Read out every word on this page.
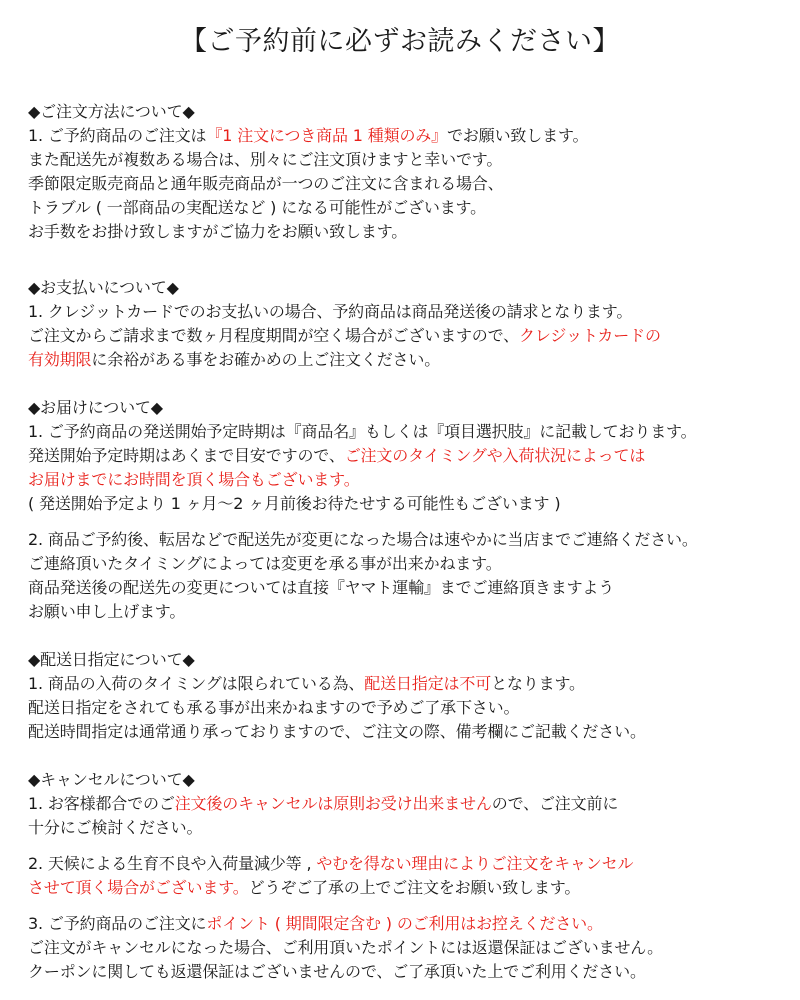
【ご予約前に必ずお読みください】
◆ご注文方法について◆
1. ご予約商品のご注文は『1 注文につき商品 1 種類のみ』でお願い致します。
また配送先が複数ある場合は、別々にご注文頂けますと幸いです。
季節限定販売商品と通年販売商品が一つのご注文に含まれる場合、
トラブル ( 一部商品の実配送など ) になる可能性がございます。
お手数をお掛け致しますがご協力をお願い致します。
◆お支払いについて◆
1. クレジットカードでのお支払いの場合、予約商品は商品発送後の請求となります。
ご注文からご請求まで数ヶ月程度期間が空く場合がございますので、クレジットカードの
有効期限に余裕がある事をお確かめの上ご注文ください。
◆お届けについて◆
1. ご予約商品の発送開始予定時期は『商品名』もしくは『項目選択肢』に記載しております。
発送開始予定時期はあくまで目安ですので、ご注文のタイミングや入荷状況によっては
お届けまでにお時間を頂く場合もございます。
( 発送開始予定より 1 ヶ月～2 ヶ月前後お待たせする可能性もございます )
2. 商品ご予約後、転居などで配送先が変更になった場合は速やかに当店までご連絡ください。
ご連絡頂いたタイミングによっては変更を承る事が出来かねます。
商品発送後の配送先の変更については直接『ヤマト運輸』までご連絡頂きますよう
お願い申し上げます。
◆配送日指定について◆
1. 商品の入荷のタイミングは限られている為、配送日指定は不可となります。
配送日指定をされても承る事が出来かねますので予めご了承下さい。
配送時間指定は通常通り承っておりますので、ご注文の際、備考欄にご記載ください。
◆キャンセルについて◆
1. お客様都合でのご注文後のキャンセルは原則お受け出来ませんので、ご注文前に
十分にご検討ください。
2. 天候による生育不良や入荷量減少等 , やむを得ない理由によりご注文をキャンセル
させて頂く場合がございます。どうぞご了承の上でご注文をお願い致します。
3. ご予約商品のご注文にポイント ( 期間限定含む ) のご利用はお控えください。
ご注文がキャンセルになった場合、ご利用頂いたポイントには返還保証はございません。
クーポンに関しても返還保証はございませんので、ご了承頂いた上でご利用ください。
